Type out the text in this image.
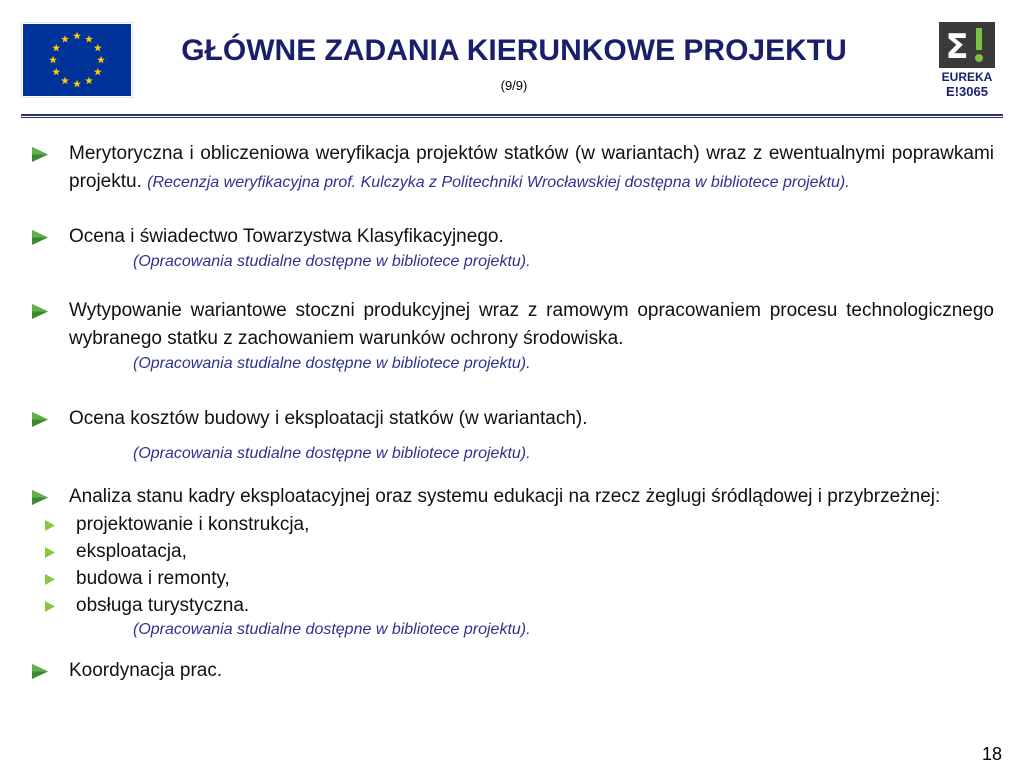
GŁÓWNE ZADANIA KIERUNKOWE PROJEKTU
(9/9)
Σ
EUREKA
E!3065
Merytoryczna i obliczeniowa weryfikacja projektów statków (w wariantach) wraz z ewentualnymi poprawkami projektu. (Recenzja weryfikacyjna prof. Kulczyka z Politechniki Wrocławskiej dostępna w bibliotece projektu).
Ocena i świadectwo Towarzystwa Klasyfikacyjnego.
(Opracowania studialne dostępne w bibliotece projektu).
Wytypowanie wariantowe stoczni produkcyjnej wraz z ramowym opracowaniem procesu technologicznego wybranego statku z zachowaniem warunków ochrony środowiska.
(Opracowania studialne dostępne w bibliotece projektu).
Ocena kosztów budowy i eksploatacji statków (w wariantach).
(Opracowania studialne dostępne w bibliotece projektu).
Analiza stanu kadry eksploatacyjnej oraz systemu edukacji na rzecz żeglugi śródlądowej i przybrzeżnej:
projektowanie i konstrukcja,
eksploatacja,
budowa i remonty,
obsługa turystyczna.
(Opracowania studialne dostępne w bibliotece projektu).
Koordynacja prac.
18
